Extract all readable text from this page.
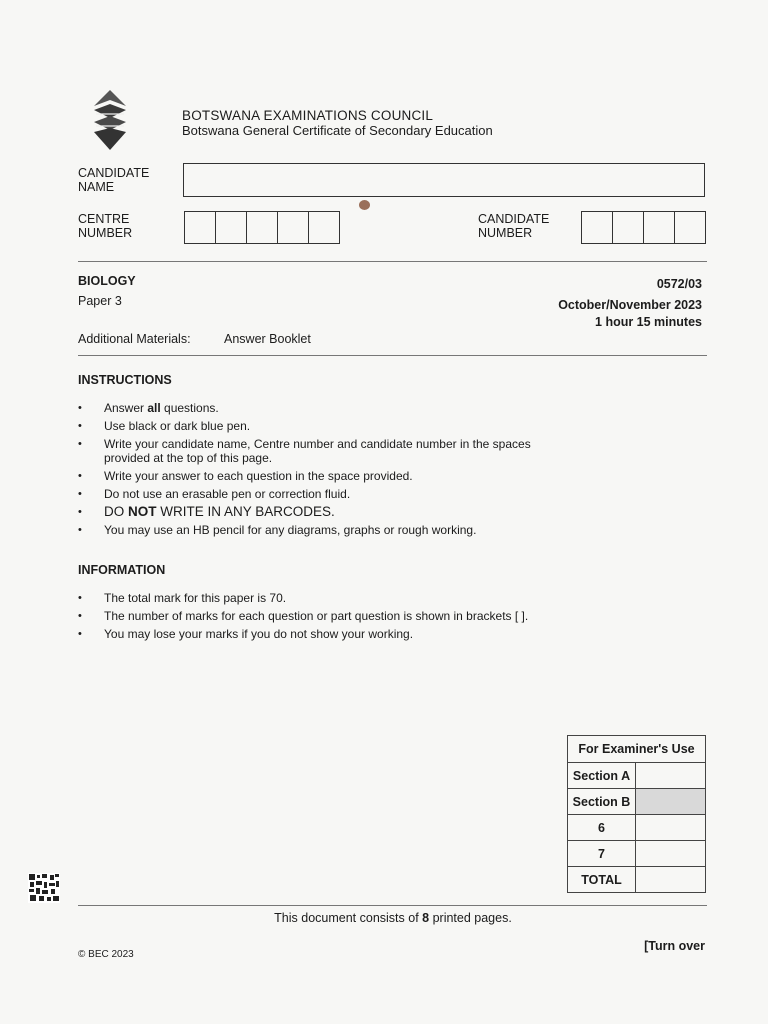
BOTSWANA EXAMINATIONS COUNCIL
Botswana General Certificate of Secondary Education
CANDIDATE
NAME
CENTRE
NUMBER
CANDIDATE
NUMBER
BIOLOGY
Paper 3
0572/03
October/November 2023
1 hour 15 minutes
Additional Materials:	Answer Booklet
INSTRUCTIONS
• Answer all questions.
• Use black or dark blue pen.
• Write your candidate name, Centre number and candidate number in the spaces provided at the top of this page.
• Write your answer to each question in the space provided.
• Do not use an erasable pen or correction fluid.
• DO NOT WRITE IN ANY BARCODES.
• You may use an HB pencil for any diagrams, graphs or rough working.
INFORMATION
• The total mark for this paper is 70.
• The number of marks for each question or part question is shown in brackets [ ].
• You may lose your marks if you do not show your working.
For Examiner's Use	
Section A	
Section B	
6	
7	
TOTAL	
This document consists of 8 printed pages.
© BEC 2023
[Turn over
